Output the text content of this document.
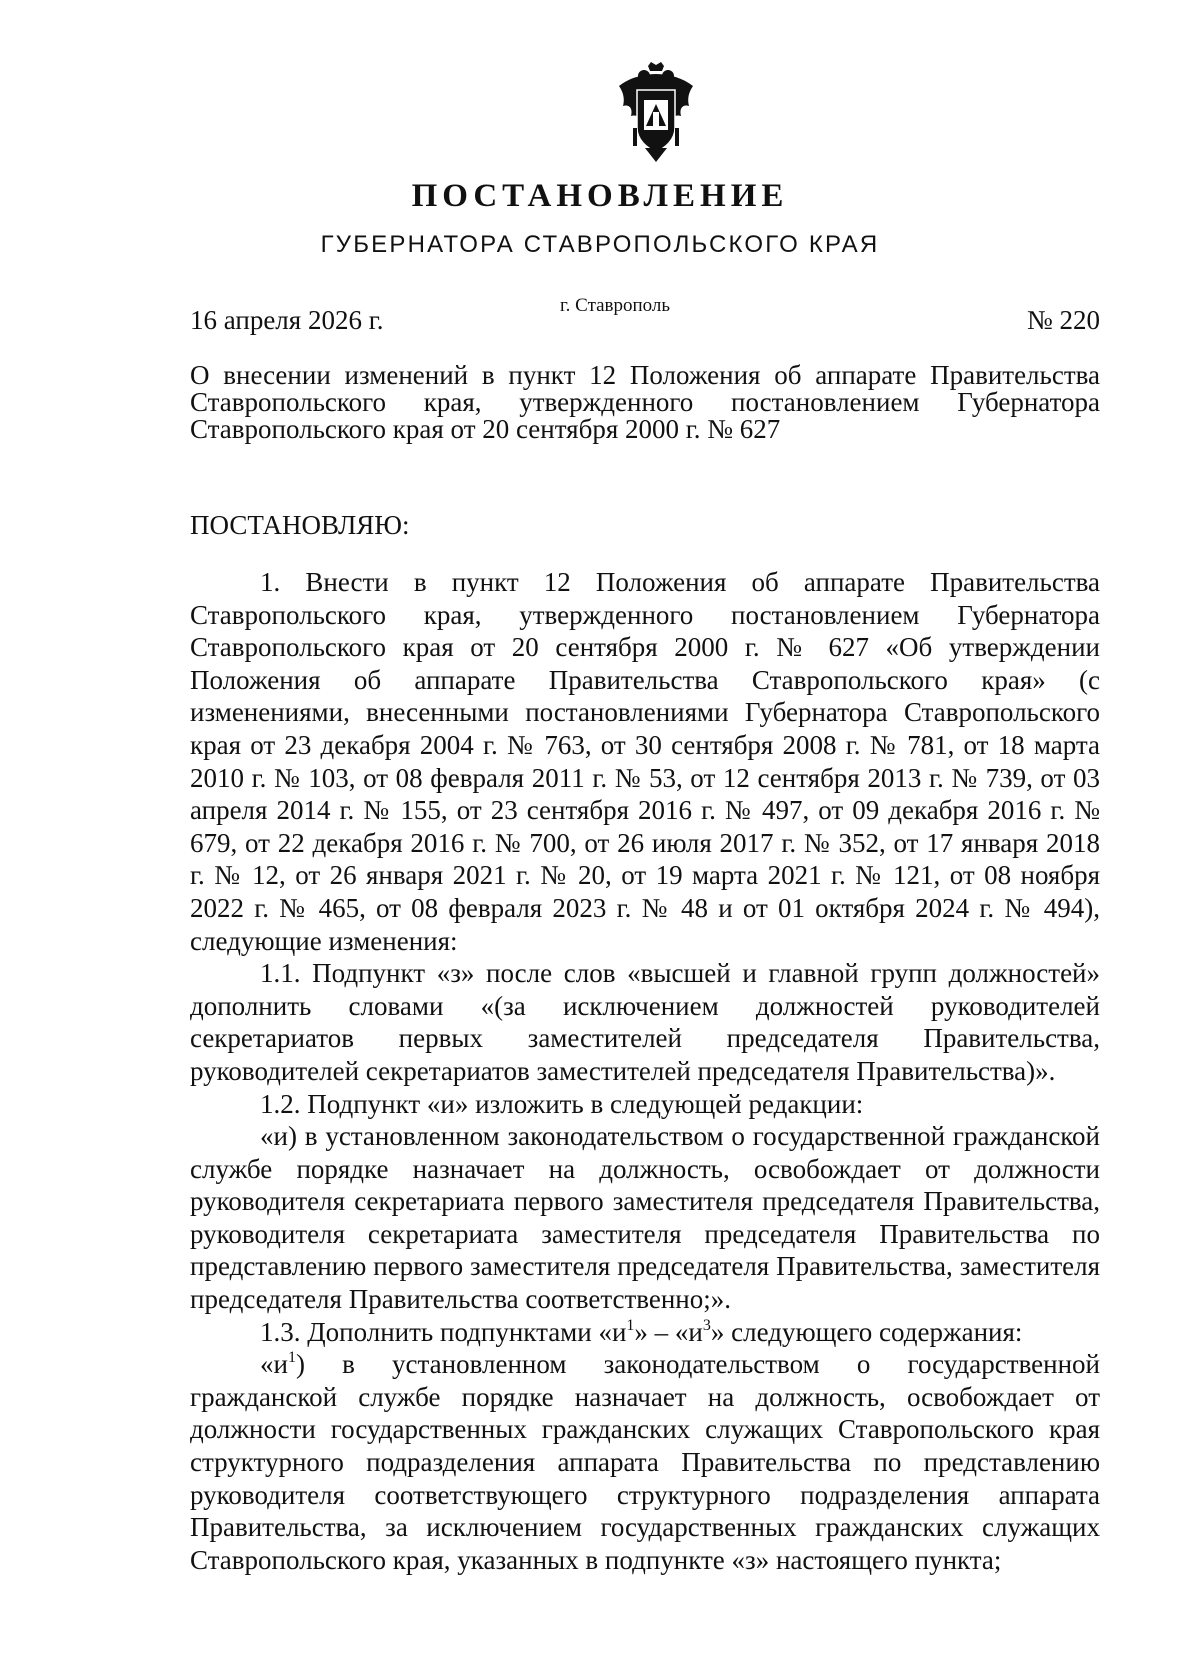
ПОСТАНОВЛЕНИЕ
ГУБЕРНАТОРА СТАВРОПОЛЬСКОГО КРАЯ
16 апреля 2026 г.	г. Ставрополь	№ 220
О внесении изменений в пункт 12 Положения об аппарате Правительства Ставропольского края, утвержденного постановлением Губернатора Ставропольского края от 20 сентября 2000 г. № 627
ПОСТАНОВЛЯЮ:

1. Внести в пункт 12 Положения об аппарате Правительства Ставропольского края, утвержденного постановлением Губернатора Ставропольского края от 20 сентября 2000 г. № 627 «Об утверждении Положения об аппарате Правительства Ставропольского края» (с изменениями, внесенными постановлениями Губернатора Ставропольского края от 23 декабря 2004 г. № 763, от 30 сентября 2008 г. № 781, от 18 марта 2010 г. № 103, от 08 февраля 2011 г. № 53, от 12 сентября 2013 г. № 739, от 03 апреля 2014 г. № 155, от 23 сентября 2016 г. № 497, от 09 декабря 2016 г. № 679, от 22 декабря 2016 г. № 700, от 26 июля 2017 г. № 352, от 17 января 2018 г. № 12, от 26 января 2021 г. № 20, от 19 марта 2021 г. № 121, от 08 ноября 2022 г. № 465, от 08 февраля 2023 г. № 48 и от 01 октября 2024 г. № 494), следующие изменения:

1.1. Подпункт «з» после слов «высшей и главной групп должностей» дополнить словами «(за исключением должностей руководителей секретариатов первых заместителей председателя Правительства, руководителей секретариатов заместителей председателя Правительства)».

1.2. Подпункт «и» изложить в следующей редакции:

«и) в установленном законодательством о государственной гражданской службе порядке назначает на должность, освобождает от должности руководителя секретариата первого заместителя председателя Правительства, руководителя секретариата заместителя председателя Правительства по представлению первого заместителя председателя Правительства, заместителя председателя Правительства соответственно;».

1.3. Дополнить подпунктами «$и^1$» – «$и^3$» следующего содержания:

«$и^1$) в установленном законодательством о государственной гражданской службе порядке назначает на должность, освобождает от должности государственных гражданских служащих Ставропольского края структурного подразделения аппарата Правительства по представлению руководителя соответствующего структурного подразделения аппарата Правительства, за исключением государственных гражданских служащих Ставропольского края, указанных в подпункте «з» настоящего пункта;
